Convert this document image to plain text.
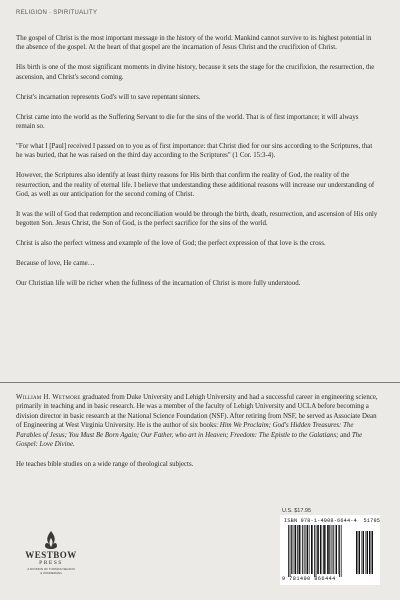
RELIGION · SPIRITUALITY

The gospel of Christ is the most important message in the history of the world. Mankind cannot survive to its highest potential in the absence of the gospel. At the heart of that gospel are the incarnation of Jesus Christ and the crucifixion of Christ.

His birth is one of the most significant moments in divine history, because it sets the stage for the crucifixion, the resurrection, the ascension, and Christ's second coming.

Christ's incarnation represents God's will to save repentant sinners.

Christ came into the world as the Suffering Servant to die for the sins of the world. That is of first importance; it will always remain so.

"For what I [Paul] received I passed on to you as of first importance: that Christ died for our sins according to the Scriptures, that he was buried, that he was raised on the third day according to the Scriptures" (1 Cor. 15:3-4).

However, the Scriptures also identify at least thirty reasons for His birth that confirm the reality of God, the reality of the resurrection, and the reality of eternal life. I believe that understanding these additional reasons will increase our understanding of God, as well as our anticipation for the second coming of Christ.

It was the will of God that redemption and reconciliation would be through the birth, death, resurrection, and ascension of His only begotten Son. Jesus Christ, the Son of God, is the perfect sacrifice for the sins of the world.

Christ is also the perfect witness and example of the love of God; the perfect expression of that love is the cross.

Because of love, He came…

Our Christian life will be richer when the fullness of the incarnation of Christ is more fully understood.

William H. Wetmore graduated from Duke University and Lehigh University and had a successful career in engineering science, primarily in teaching and in basic research. He was a member of the faculty of Lehigh University and UCLA before becoming a division director in basic research at the National Science Foundation (NSF). After retiring from NSF, he served as Associate Dean of Engineering at West Virginia University. He is the author of six books: Him We Proclaim; God's Hidden Treasures: The Parables of Jesus; You Must Be Born Again; Our Father, who art in Heaven; Freedom: The Epistle to the Galatians; and The Gospel: Love Divine.

He teaches bible studies on a wide range of theological subjects.

WESTBOW
PRESS
A DIVISION OF THOMAS NELSON
& ZONDERVAN
U.S. $17.95
ISBN 978-1-4908-6644-4 51795
9 781490 866444
